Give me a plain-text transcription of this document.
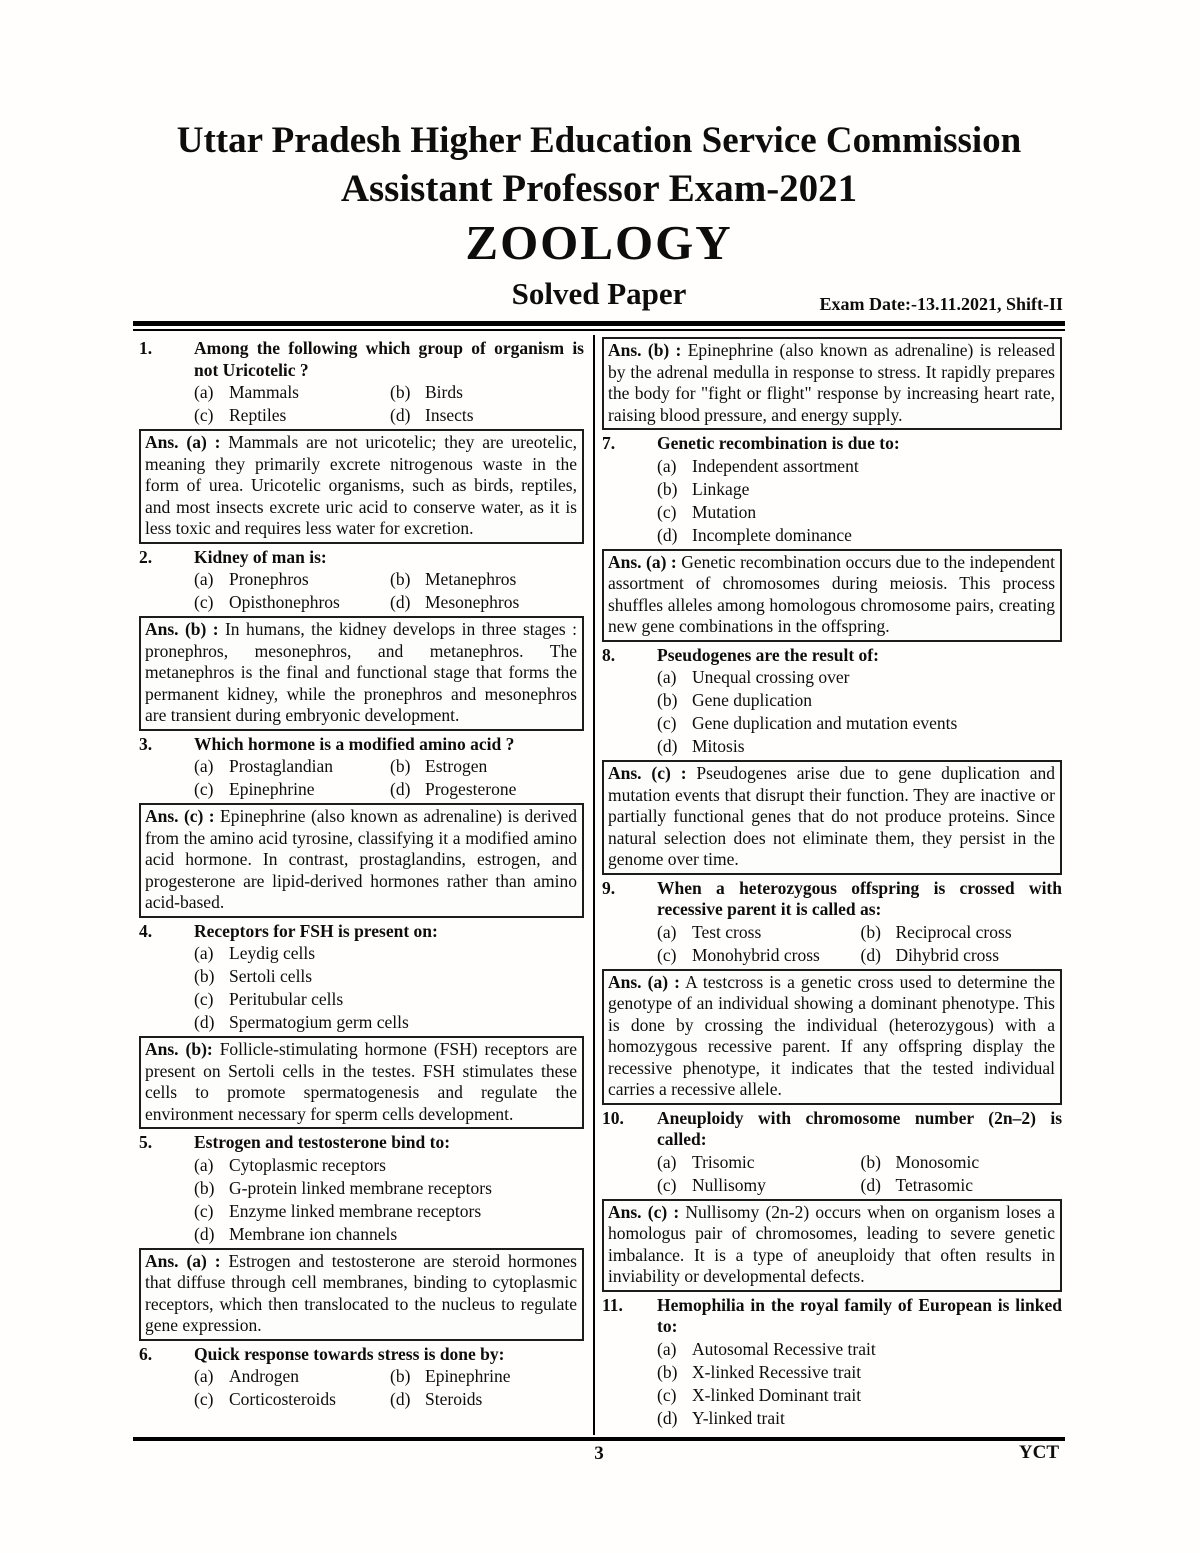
Uttar Pradesh Higher Education Service Commission
Assistant Professor Exam-2021
ZOOLOGY
Solved Paper	Exam Date:-13.11.2021, Shift-II
1.	Among the following which group of organism is not Uricotelic ?
(a) Mammals	(b) Birds
(c) Reptiles	(d) Insects
Ans. (a) : Mammals are not uricotelic; they are ureotelic, meaning they primarily excrete nitrogenous waste in the form of urea. Uricotelic organisms, such as birds, reptiles, and most insects excrete uric acid to conserve water, as it is less toxic and requires less water for excretion.
2.	Kidney of man is:
(a) Pronephros	(b) Metanephros
(c) Opisthonephros	(d) Mesonephros
Ans. (b) : In humans, the kidney develops in three stages : pronephros, mesonephros, and metanephros. The metanephros is the final and functional stage that forms the permanent kidney, while the pronephros and mesonephros are transient during embryonic development.
3.	Which hormone is a modified amino acid ?
(a) Prostaglandian	(b) Estrogen
(c) Epinephrine	(d) Progesterone
Ans. (c) : Epinephrine (also known as adrenaline) is derived from the amino acid tyrosine, classifying it a modified amino acid hormone. In contrast, prostaglandins, estrogen, and progesterone are lipid-derived hormones rather than amino acid-based.
4.	Receptors for FSH is present on:
(a) Leydig cells
(b) Sertoli cells
(c) Peritubular cells
(d) Spermatogium germ cells
Ans. (b): Follicle-stimulating hormone (FSH) receptors are present on Sertoli cells in the testes. FSH stimulates these cells to promote spermatogenesis and regulate the environment necessary for sperm cells development.
5.	Estrogen and testosterone bind to:
(a) Cytoplasmic receptors
(b) G-protein linked membrane receptors
(c) Enzyme linked membrane receptors
(d) Membrane ion channels
Ans. (a) : Estrogen and testosterone are steroid hormones that diffuse through cell membranes, binding to cytoplasmic receptors, which then translocated to the nucleus to regulate gene expression.
6.	Quick response towards stress is done by:
(a) Androgen	(b) Epinephrine
(c) Corticosteroids	(d) Steroids
Ans. (b) : Epinephrine (also known as adrenaline) is released by the adrenal medulla in response to stress. It rapidly prepares the body for "fight or flight" response by increasing heart rate, raising blood pressure, and energy supply.
7.	Genetic recombination is due to:
(a) Independent assortment
(b) Linkage
(c) Mutation
(d) Incomplete dominance
Ans. (a) : Genetic recombination occurs due to the independent assortment of chromosomes during meiosis. This process shuffles alleles among homologous chromosome pairs, creating new gene combinations in the offspring.
8.	Pseudogenes are the result of:
(a) Unequal crossing over
(b) Gene duplication
(c) Gene duplication and mutation events
(d) Mitosis
Ans. (c) : Pseudogenes arise due to gene duplication and mutation events that disrupt their function. They are inactive or partially functional genes that do not produce proteins. Since natural selection does not eliminate them, they persist in the genome over time.
9.	When a heterozygous offspring is crossed with recessive parent it is called as:
(a) Test cross	(b) Reciprocal cross
(c) Monohybrid cross	(d) Dihybrid cross
Ans. (a) : A testcross is a genetic cross used to determine the genotype of an individual showing a dominant phenotype. This is done by crossing the individual (heterozygous) with a homozygous recessive parent. If any offspring display the recessive phenotype, it indicates that the tested individual carries a recessive allele.
10.	Aneuploidy with chromosome number (2n–2) is called:
(a) Trisomic	(b) Monosomic
(c) Nullisomy	(d) Tetrasomic
Ans. (c) : Nullisomy (2n-2) occurs when on organism loses a homologus pair of chromosomes, leading to severe genetic imbalance. It is a type of aneuploidy that often results in inviability or developmental defects.
11.	Hemophilia in the royal family of European is linked to:
(a) Autosomal Recessive trait
(b) X-linked Recessive trait
(c) X-linked Dominant trait
(d) Y-linked trait
3	YCT
